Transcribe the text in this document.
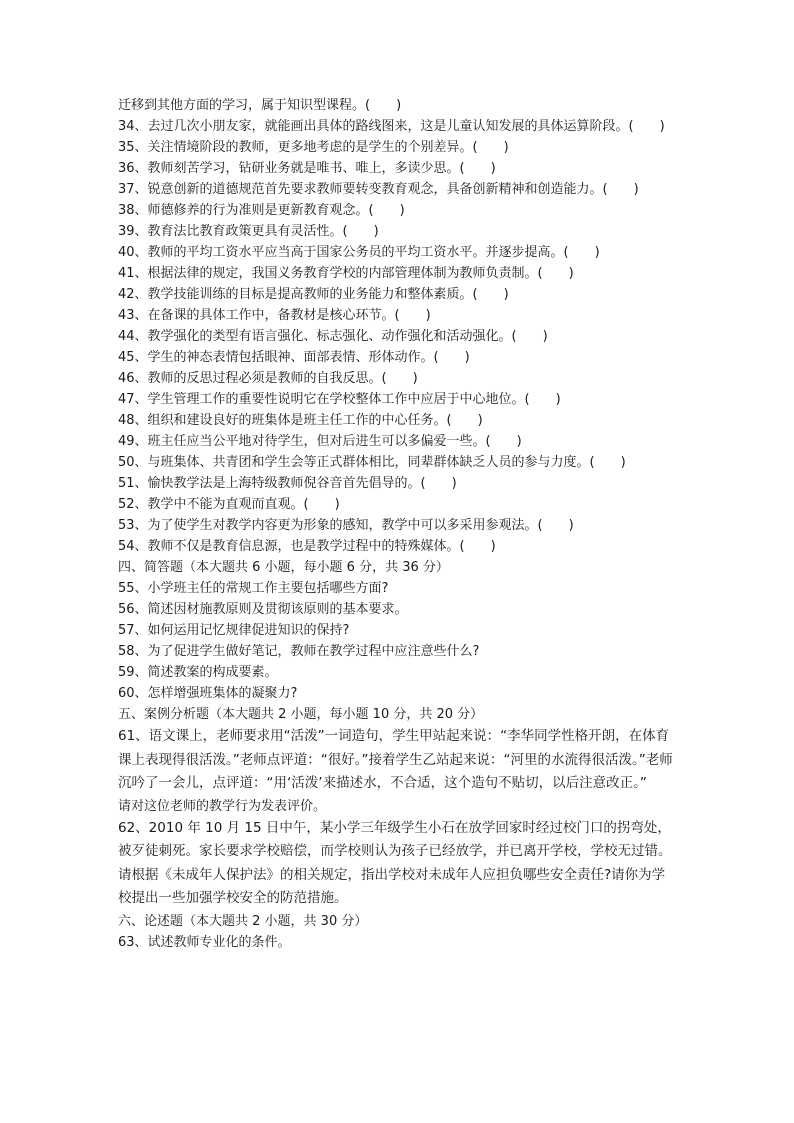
迁移到其他方面的学习，属于知识型课程。(　　)
34、去过几次小朋友家，就能画出具体的路线图来，这是儿童认知发展的具体运算阶段。(　　)
35、关注情境阶段的教师，更多地考虑的是学生的个别差异。(　　)
36、教师刻苦学习，钻研业务就是唯书、唯上，多读少思。(　　)
37、锐意创新的道德规范首先要求教师要转变教育观念，具备创新精神和创造能力。(　　)
38、师德修养的行为准则是更新教育观念。(　　)
39、教育法比教育政策更具有灵活性。(　　)
40、教师的平均工资水平应当高于国家公务员的平均工资水平。并逐步提高。(　　)
41、根据法律的规定，我国义务教育学校的内部管理体制为教师负责制。(　　)
42、教学技能训练的目标是提高教师的业务能力和整体素质。(　　)
43、在备课的具体工作中，备教材是核心环节。(　　)
44、教学强化的类型有语言强化、标志强化、动作强化和活动强化。(　　)
45、学生的神态表情包括眼神、面部表情、形体动作。(　　)
46、教师的反思过程必须是教师的自我反思。(　　)
47、学生管理工作的重要性说明它在学校整体工作中应居于中心地位。(　　)
48、组织和建设良好的班集体是班主任工作的中心任务。(　　)
49、班主任应当公平地对待学生，但对后进生可以多偏爱一些。(　　)
50、与班集体、共青团和学生会等正式群体相比，同辈群体缺乏人员的参与力度。(　　)
51、愉快教学法是上海特级教师倪谷音首先倡导的。(　　)
52、教学中不能为直观而直观。(　　)
53、为了使学生对教学内容更为形象的感知，教学中可以多采用参观法。(　　)
54、教师不仅是教育信息源，也是教学过程中的特殊媒体。(　　)
四、简答题（本大题共 6 小题，每小题 6 分，共 36 分）
55、小学班主任的常规工作主要包括哪些方面?
56、简述因材施教原则及贯彻该原则的基本要求。
57、如何运用记忆规律促进知识的保持?
58、为了促进学生做好笔记，教师在教学过程中应注意些什么?
59、简述教案的构成要素。
60、怎样增强班集体的凝聚力?
五、案例分析题（本大题共 2 小题，每小题 10 分，共 20 分）
61、语文课上，老师要求用“活泼”一词造句，学生甲站起来说：“李华同学性格开朗，在体育课上表现得很活泼。”老师点评道：“很好。”接着学生乙站起来说：“河里的水流得很活泼。”老师沉吟了一会儿，点评道：“用‘活泼’来描述水，不合适，这个造句不贴切，以后注意改正。”
请对这位老师的教学行为发表评价。
62、2010 年 10 月 15 日中午，某小学三年级学生小石在放学回家时经过校门口的拐弯处，被歹徒刺死。家长要求学校赔偿，而学校则认为孩子已经放学，并已离开学校，学校无过错。
请根据《未成年人保护法》的相关规定，指出学校对未成年人应担负哪些安全责任?请你为学校提出一些加强学校安全的防范措施。
六、论述题（本大题共 2 小题，共 30 分）
63、试述教师专业化的条件。
